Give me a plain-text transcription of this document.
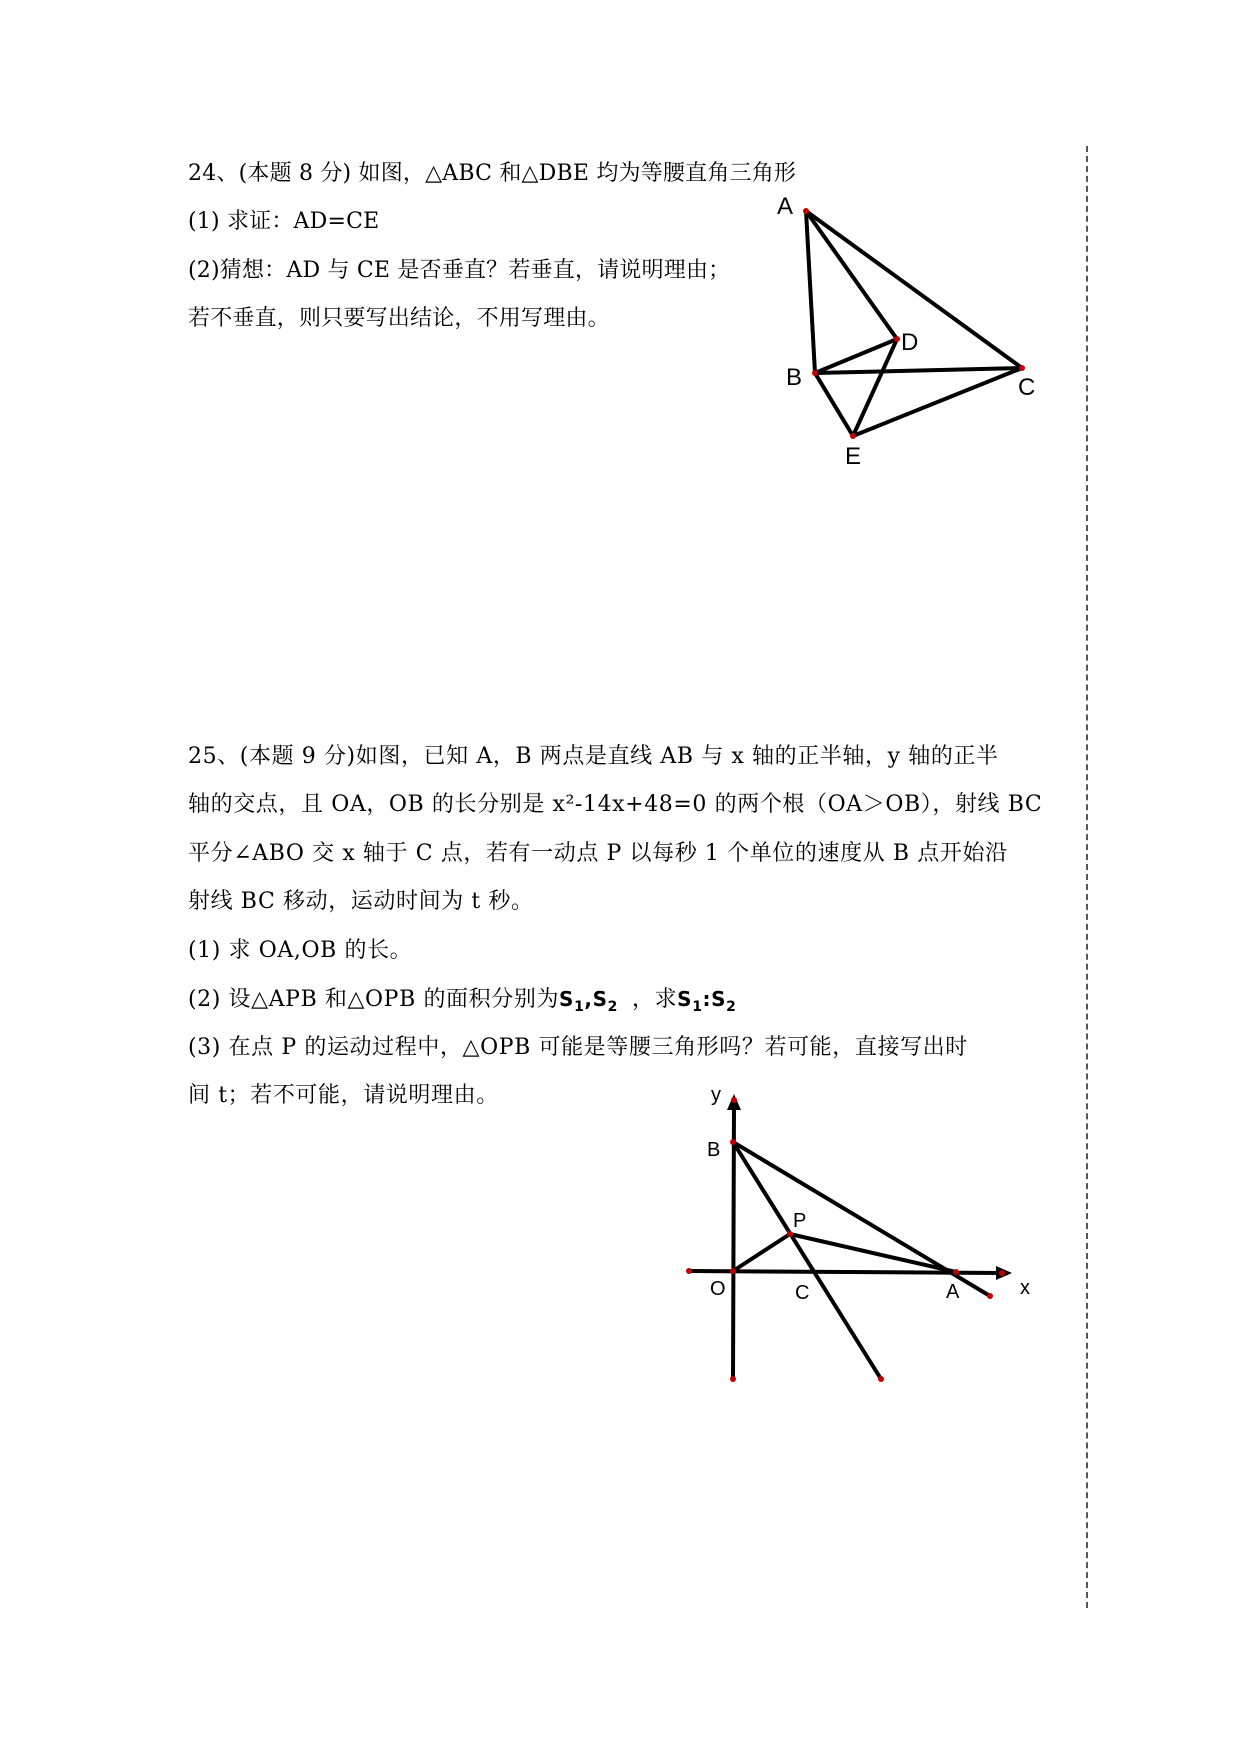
24、(本题 8 分) 如图，△ABC 和△DBE 均为等腰直角三角形

(1) 求证：AD=CE

(2)猜想：AD 与 CE 是否垂直？若垂直，请说明理由；

若不垂直，则只要写出结论，不用写理由。

A
B	C
D
E

25、(本题 9 分)如图，已知 A，B 两点是直线 AB 与 x 轴的正半轴，y 轴的正半

轴的交点，且 OA，OB 的长分别是 x²-14x+48=0 的两个根（OA＞OB），射线 BC

平分∠ABO 交 x 轴于 C 点，若有一动点 P 以每秒 1 个单位的速度从 B 点开始沿

射线 BC 移动，运动时间为 t 秒。

(1) 求 OA,OB 的长。

(2) 设△APB 和△OPB 的面积分别为$S_1,S_2$ ，求$S_1:S_2$

(3) 在点 P 的运动过程中，△OPB 可能是等腰三角形吗？若可能，直接写出时

间 t；若不可能，请说明理由。	y
x
B
P
O	C	A
